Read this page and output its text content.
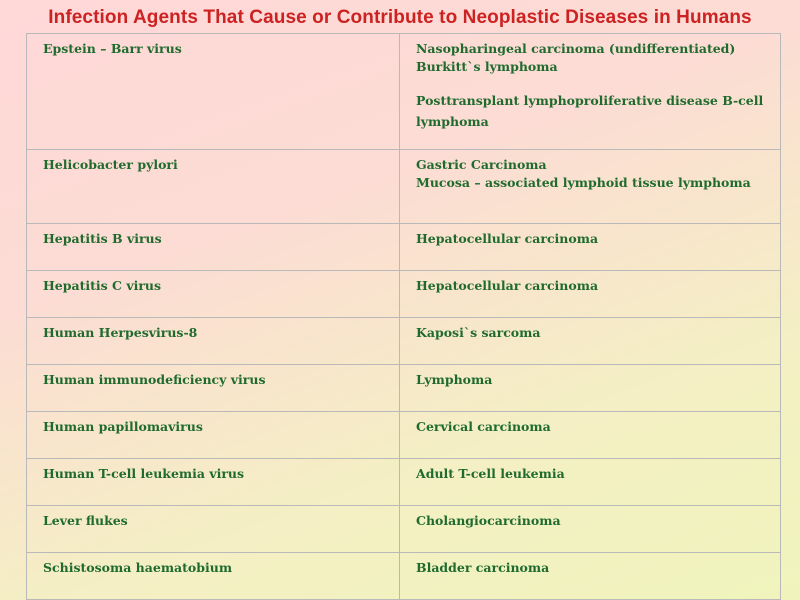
Infection Agents That Cause or Contribute to Neoplastic Diseases in Humans
Epstein – Barr virus	Nasopharingeal carcinoma (undifferentiated)
Burkitt`s lymphoma
Posttransplant lymphoproliferative disease B-cell
lymphoma

Helicobacter pylori	Gastric Carcinoma
Mucosa – associated lymphoid tissue lymphoma

Hepatitis B virus	Hepatocellular carcinoma

Hepatitis C virus	Hepatocellular carcinoma

Human Herpesvirus-8	Kaposi`s sarcoma

Human immunodeficiency virus	Lymphoma

Human papillomavirus	Cervical carcinoma

Human T-cell leukemia virus	Adult T-cell leukemia

Lever flukes	Cholangiocarcinoma

Schistosoma haematobium	Bladder carcinoma
